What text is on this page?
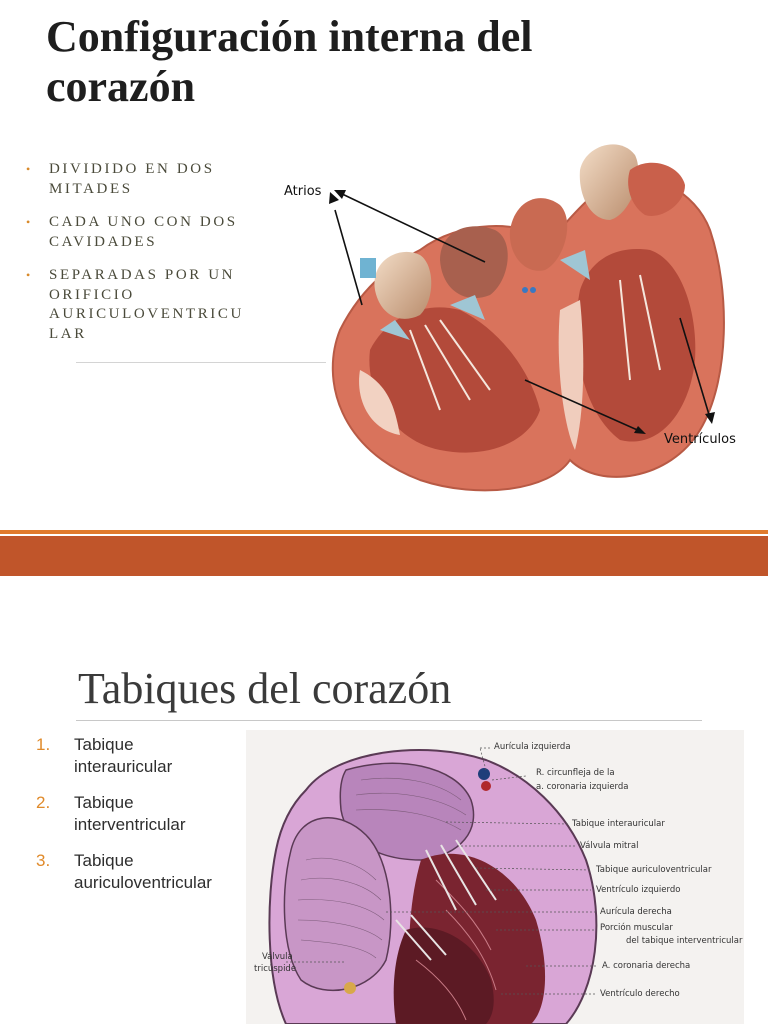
Configuración interna del corazón
• DIVIDIDO EN DOS MITADES
• CADA UNO CON DOS CAVIDADES
• SEPARADAS POR UN ORIFICIO AURICULOVENTRICU LAR
Atrios
Ventrículos
Tabiques del corazón
1. Tabique interauricular
2. Tabique interventricular
3. Tabique auriculoventricular
Aurícula izquierda
R. circunfleja de la
a. coronaria izquierda
Tabique interauricular
Válvula mitral
Tabique auriculoventricular
Ventrículo izquierdo
Aurícula derecha
Porción muscular
del tabique interventricular
A. coronaria derecha
Ventrículo derecho
Válvula
tricúspide
